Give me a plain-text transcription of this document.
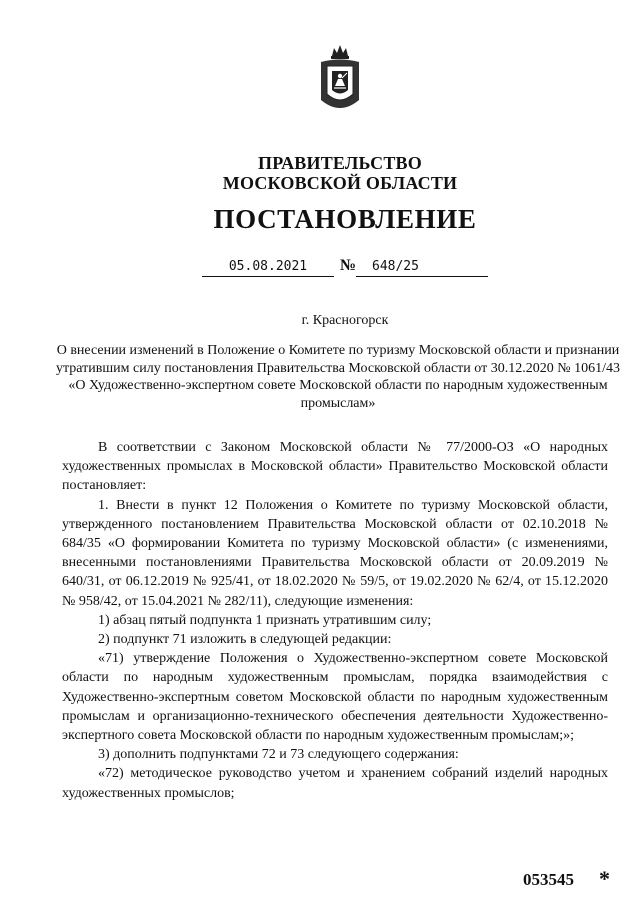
ПРАВИТЕЛЬСТВО
МОСКОВСКОЙ ОБЛАСТИ
ПОСТАНОВЛЕНИЕ
05.08.2021	№	648/25
г. Красногорск
О внесении изменений в Положение о Комитете по туризму Московской области и признании утратившим силу постановления Правительства Московской области от 30.12.2020 № 1061/43 «О Художественно-экспертном совете Московской области по народным художественным промыслам»

В соответствии с Законом Московской области № 77/2000-ОЗ «О народных художественных промыслах в Московской области» Правительство Московской области постановляет:

1. Внести в пункт 12 Положения о Комитете по туризму Московской области, утвержденного постановлением Правительства Московской области от 02.10.2018 № 684/35 «О формировании Комитета по туризму Московской области» (с изменениями, внесенными постановлениями Правительства Московской области от 20.09.2019 № 640/31, от 06.12.2019 № 925/41, от 18.02.2020 № 59/5, от 19.02.2020 № 62/4, от 15.12.2020 № 958/42, от 15.04.2021 № 282/11), следующие изменения:

1) абзац пятый подпункта 1 признать утратившим силу;

2) подпункт 71 изложить в следующей редакции:

«71) утверждение Положения о Художественно-экспертном совете Московской области по народным художественным промыслам, порядка взаимодействия с Художественно-экспертным советом Московской области по народным художественным промыслам и организационно-технического обеспечения деятельности Художественно-экспертного совета Московской области по народным художественным промыслам;»;

3) дополнить подпунктами 72 и 73 следующего содержания:

«72) методическое руководство учетом и хранением собраний изделий народных художественных промыслов;

053545 *
